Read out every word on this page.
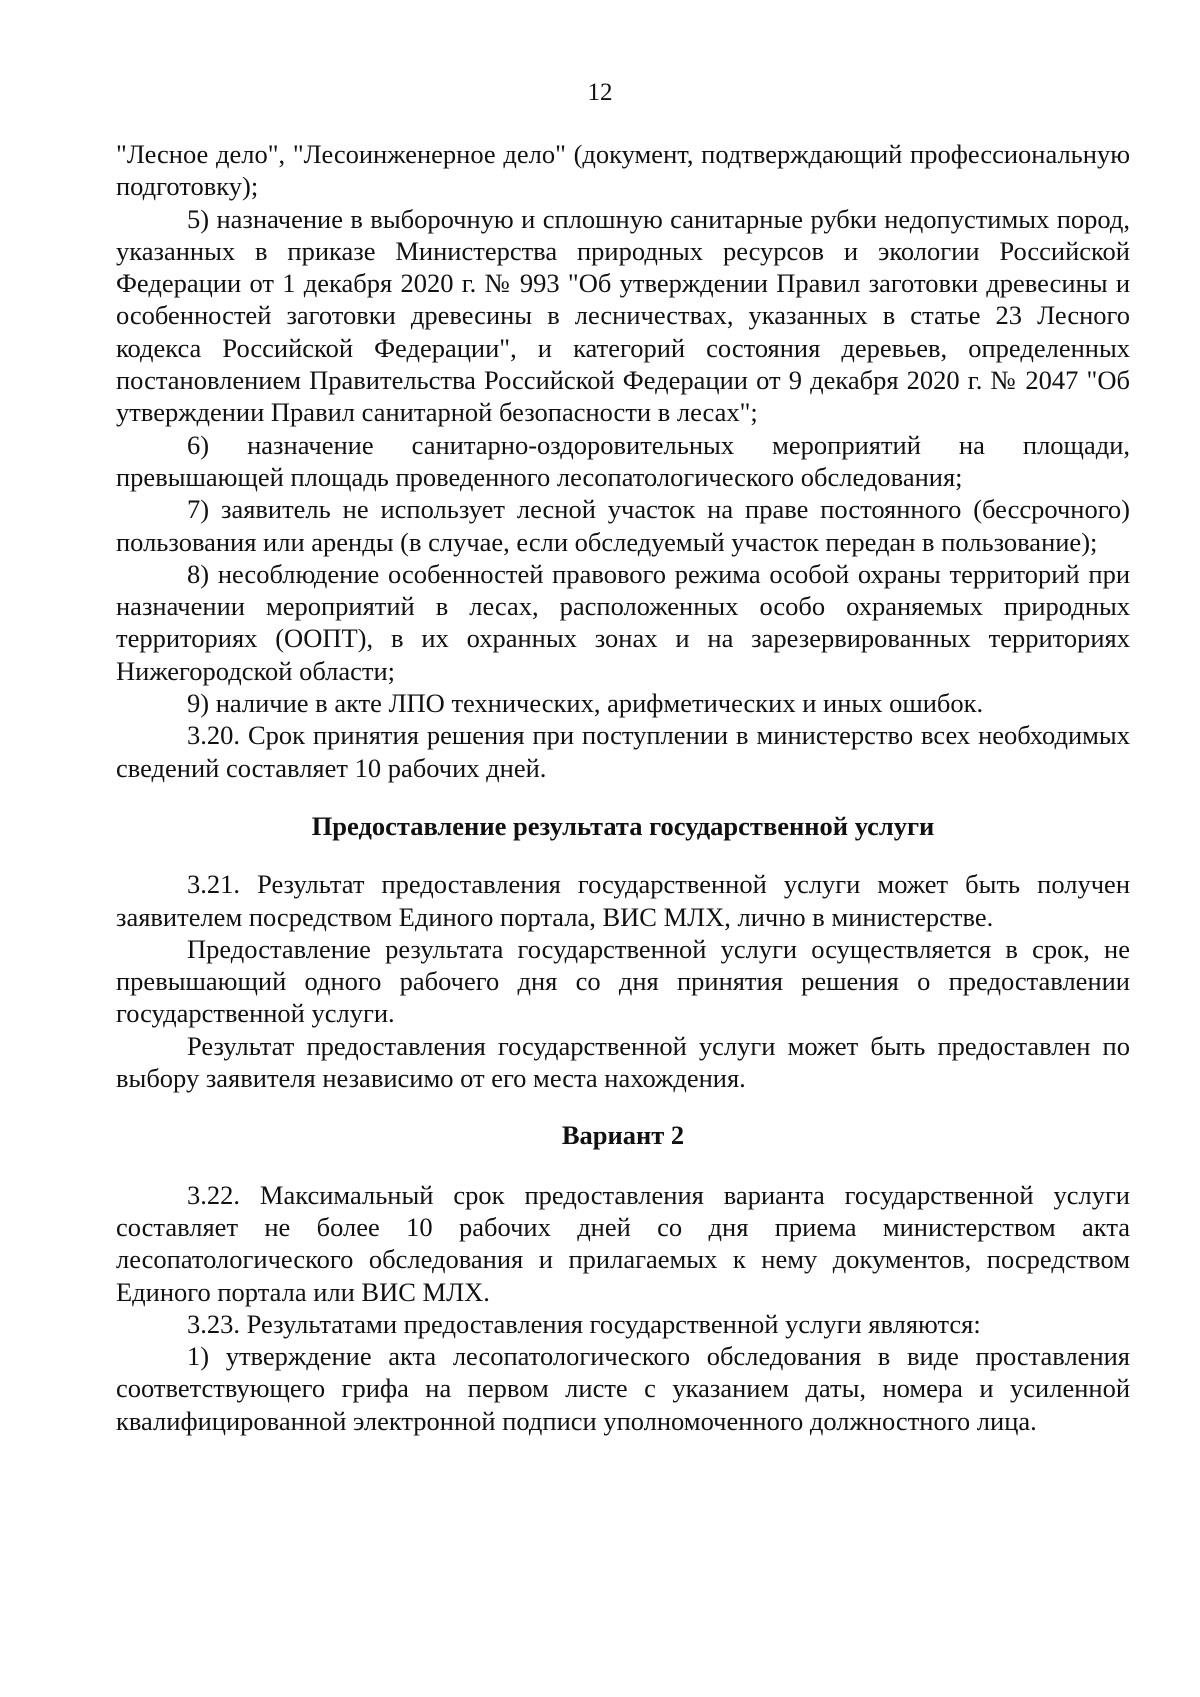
12

"Лесное дело", "Лесоинженерное дело" (документ, подтверждающий профессиональную подготовку);

5) назначение в выборочную и сплошную санитарные рубки недопустимых пород, указанных в приказе Министерства природных ресурсов и экологии Российской Федерации от 1 декабря 2020 г. № 993 "Об утверждении Правил заготовки древесины и особенностей заготовки древесины в лесничествах, указанных в статье 23 Лесного кодекса Российской Федерации", и категорий состояния деревьев, определенных постановлением Правительства Российской Федерации от 9 декабря 2020 г. № 2047 "Об утверждении Правил санитарной безопасности в лесах";

6) назначение санитарно-оздоровительных мероприятий на площади, превышающей площадь проведенного лесопатологического обследования;

7) заявитель не использует лесной участок на праве постоянного (бессрочного) пользования или аренды (в случае, если обследуемый участок передан в пользование);

8) несоблюдение особенностей правового режима особой охраны территорий при назначении мероприятий в лесах, расположенных особо охраняемых природных территориях (ООПТ), в их охранных зонах и на зарезервированных территориях Нижегородской области;

9) наличие в акте ЛПО технических, арифметических и иных ошибок.

3.20. Срок принятия решения при поступлении в министерство всех необходимых сведений составляет 10 рабочих дней.

Предоставление результата государственной услуги

3.21. Результат предоставления государственной услуги может быть получен заявителем посредством Единого портала, ВИС МЛХ, лично в министерстве.

Предоставление результата государственной услуги осуществляется в срок, не превышающий одного рабочего дня со дня принятия решения о предоставлении государственной услуги.

Результат предоставления государственной услуги может быть предоставлен по выбору заявителя независимо от его места нахождения.

Вариант 2

3.22. Максимальный срок предоставления варианта государственной услуги составляет не более 10 рабочих дней со дня приема министерством акта лесопатологического обследования и прилагаемых к нему документов, посредством Единого портала или ВИС МЛХ.

3.23. Результатами предоставления государственной услуги являются:

1) утверждение акта лесопатологического обследования в виде проставления соответствующего грифа на первом листе с указанием даты, номера и усиленной квалифицированной электронной подписи уполномоченного должностного лица.
